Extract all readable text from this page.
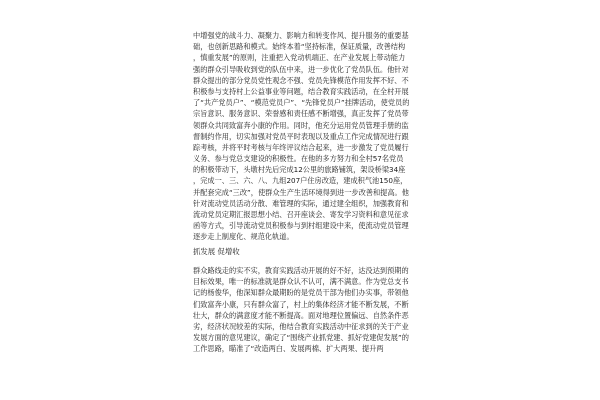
中增强党的战斗力、凝聚力、影响力和转变作风、提升服务的重要基
础，也创新思路和模式。始终本着“坚持标准，保证质量，改善结构
，慎重发展”的原则，注重把入党动机端正、在产业发展上带动能力
强的群众引导吸收到党的队伍中来，进一步优化了党员队伍。他针对
群众提出的部分党员党性观念不强、党员先锋模范作用发挥不好、不
积极参与支持村上公益事业等问题，结合教育实践活动，在全村开展
了“共产党员户”、“模范党员户”、“先锋党员户”挂牌活动，使党员的
宗旨意识、服务意识、荣誉感和责任感不断增强，真正发挥了党员带
领群众共同致富奔小康的作用。同时，他充分运用党员管理手册的监
督制约作用，切实加强对党员平时表现以及重点工作完成情况进行跟
踪考核，并将平时考核与年终评议结合起来，进一步激发了党员履行
义务、参与党总支建设的积极性。在他的多方努力和全村57名党员
的积极带动下，头墩村先后完成12公里的旅路铺筑，架设桥梁34座
，完成一、三、六、八、九组207户住房改造，建成积气池150座，
并配套完成“三改”，使群众生产生活环境得到进一步改善和提高。他
针对流动党员活动分散、难管理的实际，通过建全组织，加强教育和
流动党员定期汇报思想小结、召开座谈会、寄发学习资料和意见征求
函等方式，引导流动党员积极参与到村组建设中来，使流动党员管理
逐步走上制度化、规范化轨道。
抓发展 促增收
群众路线走的实不实，教育实践活动开展的好不好，达没达到预期的
目标效果，唯一的标准就是群众认不认可，满不满意。作为党总支书
记的杨俊华，他深知群众最期盼的是党员干部为他们办实事，带领他
们致富奔小康，只有群众富了，村上的集体经济才能不断发展，不断
壮大，群众的满意度才能不断提高。面对地理位置偏远、自然条件恶
劣，经济状况较差的实际，他结合教育实践活动中征求到的关于产业
发展方面的意见建议，确定了“围绕产业抓党建、抓好党建促发展”的
工作思路，瞄准了“改造两白、发展两棉、扩大两果、提升两
